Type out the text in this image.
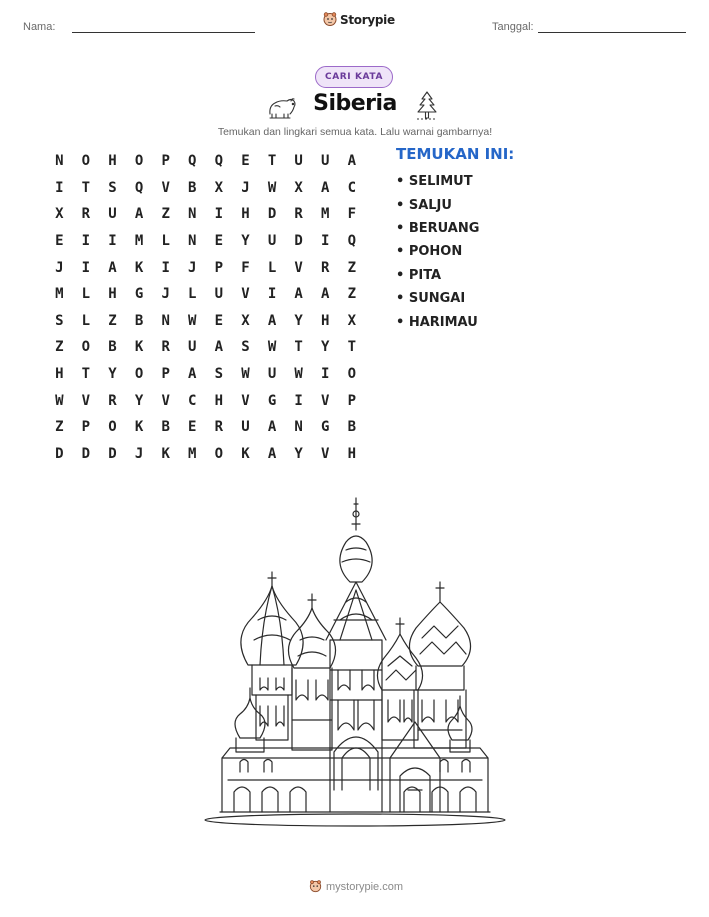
Nama:
Storypie
Tanggal:
CARI KATA
Siberia
Temukan dan lingkari semua kata. Lalu warnai gambarnya!
N	O	H	O	P	Q	Q	E	T	U	U	A
I	T	S	Q	V	B	X	J	W	X	A	C
X	R	U	A	Z	N	I	H	D	R	M	F
E	I	I	M	L	N	E	Y	U	D	I	Q
J	I	A	K	I	J	P	F	L	V	R	Z
M	L	H	G	J	L	U	V	I	A	A	Z
S	L	Z	B	N	W	E	X	A	Y	H	X
Z	O	B	K	R	U	A	S	W	T	Y	T
H	T	Y	O	P	A	S	W	U	W	I	O
W	V	R	Y	V	C	H	V	G	I	V	P
Z	P	O	K	B	E	R	U	A	N	G	B
D	D	D	J	K	M	O	K	A	Y	V	H
TEMUKAN INI:
• SELIMUT
• SALJU
• BERUANG
• POHON
• PITA
• SUNGAI
• HARIMAU
mystorypie.com
